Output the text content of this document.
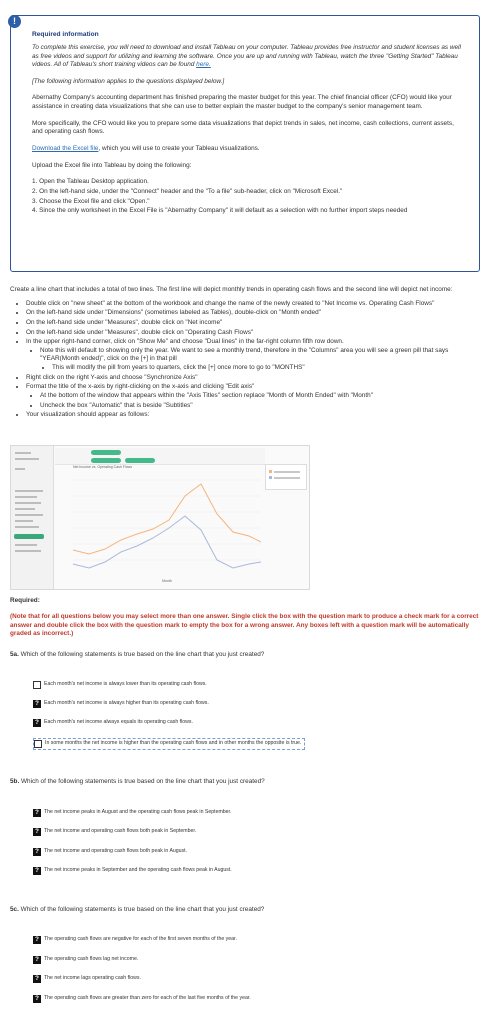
Required information

To complete this exercise, you will need to download and install Tableau on your computer. Tableau provides free instructor and student licenses as well as free videos and support for utilizing and learning the software. Once you are up and running with Tableau, watch the three "Getting Started" Tableau videos. All of Tableau's short training videos can be found here.

[The following information applies to the questions displayed below.]

Abernathy Company's accounting department has finished preparing the master budget for this year. The chief financial officer (CFO) would like your assistance in creating data visualizations that she can use to better explain the master budget to the company's senior management team.

More specifically, the CFO would like you to prepare some data visualizations that depict trends in sales, net income, cash collections, current assets, and operating cash flows.

Download the Excel file, which you will use to create your Tableau visualizations.

Upload the Excel file into Tableau by doing the following:

1. Open the Tableau Desktop application.
2. On the left-hand side, under the "Connect" header and the "To a file" sub-header, click on "Microsoft Excel."
3. Choose the Excel file and click "Open."
4. Since the only worksheet in the Excel File is "Abernathy Company" it will default as a selection with no further import steps needed
!

Create a line chart that includes a total of two lines. The first line will depict monthly trends in operating cash flows and the second line will depict net income:

• Double click on "new sheet" at the bottom of the workbook and change the name of the newly created to "Net Income vs. Operating Cash Flows"
• On the left-hand side under "Dimensions" (sometimes labeled as Tables), double-click on "Month ended"
• On the left-hand side under "Measures", double click on "Net income"
• On the left-hand side under "Measures", double click on "Operating Cash Flows"
• In the upper right-hand corner, click on "Show Me" and choose "Dual lines" in the far-right column fifth row down.
• Note this will default to showing only the year. We want to see a monthly trend, therefore in the "Columns" area you will see a green pill that says "YEAR(Month ended)", click on the [+] in that pill
• This will modify the pill from years to quarters, click the [+] once more to go to "MONTHS"
• Right click on the right Y-axis and choose "Synchronize Axis"
• Format the title of the x-axis by right-clicking on the x-axis and clicking "Edit axis"
• At the bottom of the window that appears within the "Axis Titles" section replace "Month of Month Ended" with "Month"
• Uncheck the box "Automatic" that is beside "Subtitles"
• Your visualization should appear as follows:
Net Income vs. Operating Cash Flows
Month
Required:
(Note that for all questions below you may select more than one answer. Single click the box with the question mark to produce a check mark for a correct answer and double click the box with the question mark to empty the box for a wrong answer. Any boxes left with a question mark will be automatically graded as incorrect.)
5a. Which of the following statements is true based on the line chart that you just created?
Each month's net income is always lower than its operating cash flows.
? Each month's net income is always higher than its operating cash flows.
? Each month's net income always equals its operating cash flows.
In some months the net income is higher than the operating cash flows and in other months the opposite is true.
5b. Which of the following statements is true based on the line chart that you just created?
? The net income peaks in August and the operating cash flows peak in September.
? The net income and operating cash flows both peak in September.
? The net income and operating cash flows both peak in August.
? The net income peaks in September and the operating cash flows peak in August.
5c. Which of the following statements is true based on the line chart that you just created?
? The operating cash flows are negative for each of the first seven months of the year.
? The operating cash flows lag net income.
? The net income lags operating cash flows.
? The operating cash flows are greater than zero for each of the last five months of the year.
